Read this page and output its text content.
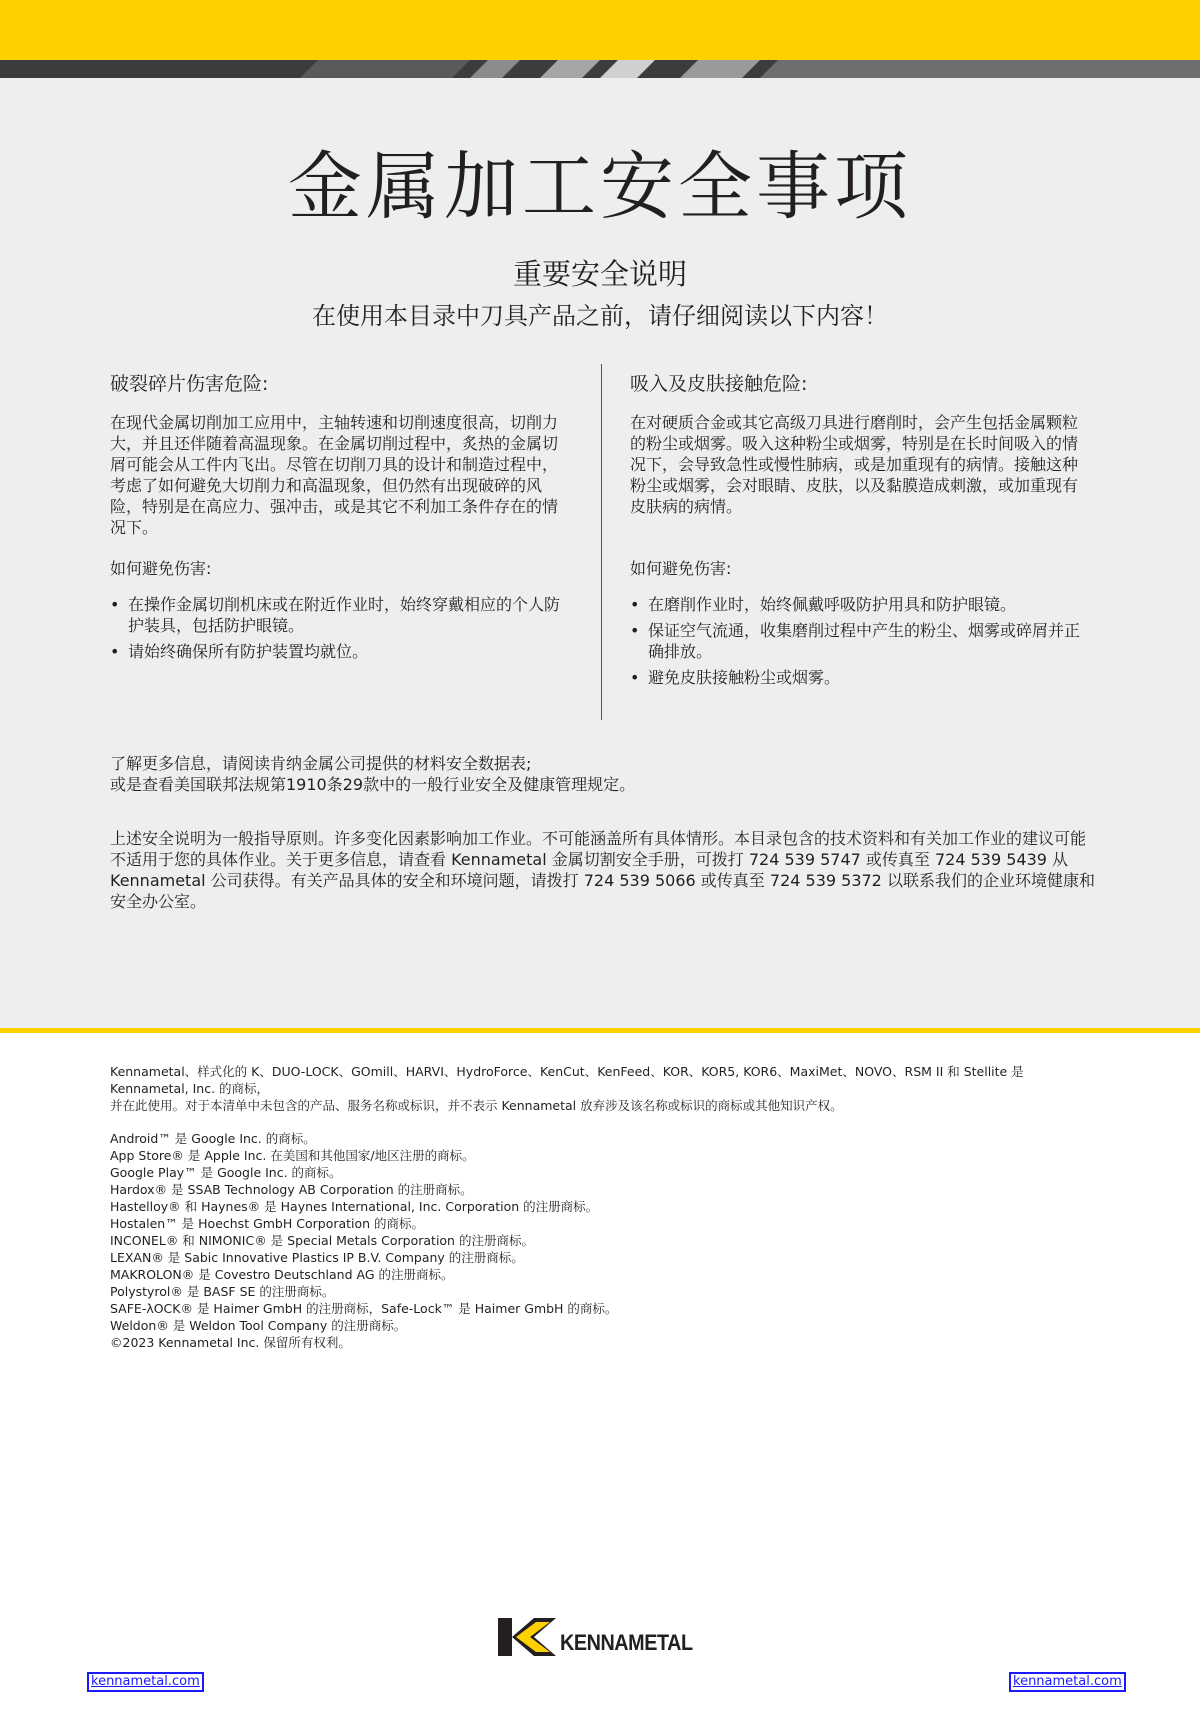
金属加工安全事项
重要安全说明

在使用本目录中刀具产品之前，请仔细阅读以下内容！

破裂碎片伤害危险:

在现代金属切削加工应用中，主轴转速和切削速度很高，切削力大，并且还伴随着高温现象。在金属切削过程中，炙热的金属切屑可能会从工件内飞出。尽管在切削刀具的设计和制造过程中，考虑了如何避免大切削力和高温现象，但仍然有出现破碎的风险，特别是在高应力、强冲击，或是其它不利加工条件存在的情况下。

如何避免伤害:
• 在操作金属切削机床或在附近作业时，始终穿戴相应的个人防护装具，包括防护眼镜。
• 请始终确保所有防护装置均就位。
吸入及皮肤接触危险:

在对硬质合金或其它高级刀具进行磨削时，会产生包括金属颗粒的粉尘或烟雾。吸入这种粉尘或烟雾，特别是在长时间吸入的情况下，会导致急性或慢性肺病，或是加重现有的病情。接触这种粉尘或烟雾，会对眼睛、皮肤，以及黏膜造成刺激，或加重现有皮肤病的病情。

如何避免伤害:
• 在磨削作业时，始终佩戴呼吸防护用具和防护眼镜。
• 保证空气流通，收集磨削过程中产生的粉尘、烟雾或碎屑并正确排放。
• 避免皮肤接触粉尘或烟雾。

了解更多信息，请阅读肯纳金属公司提供的材料安全数据表;

或是查看美国联邦法规第1910条29款中的一般行业安全及健康管理规定。

上述安全说明为一般指导原则。许多变化因素影响加工作业。不可能涵盖所有具体情形。本目录包含的技术资料和有关加工作业的建议可能不适用于您的具体作业。关于更多信息，请查看 Kennametal 金属切割安全手册，可拨打 724 539 5747 或传真至 724 539 5439 从 Kennametal 公司获得。有关产品具体的安全和环境问题，请拨打 724 539 5066 或传真至 724 539 5372 以联系我们的企业环境健康和安全办公室。

Kennametal、样式化的 K、DUO-LOCK、GOmill、HARVI、HydroForce、KenCut、KenFeed、KOR、KOR5, KOR6、MaxiMet、NOVO、RSM II 和 Stellite 是 Kennametal, Inc. 的商标，

并在此使用。对于本清单中未包含的产品、服务名称或标识，并不表示 Kennametal 放弃涉及该名称或标识的商标或其他知识产权。

Android™ 是 Google Inc. 的商标。

App Store® 是 Apple Inc. 在美国和其他国家/地区注册的商标。

Google Play™ 是 Google Inc. 的商标。

Hardox® 是 SSAB Technology AB Corporation 的注册商标。

Hastelloy® 和 Haynes® 是 Haynes International, Inc. Corporation 的注册商标。

Hostalen™ 是 Hoechst GmbH Corporation 的商标。

INCONEL® 和 NIMONIC® 是 Special Metals Corporation 的注册商标。

LEXAN® 是 Sabic Innovative Plastics IP B.V. Company 的注册商标。

MAKROLON® 是 Covestro Deutschland AG 的注册商标。

Polystyrol® 是 BASF SE 的注册商标。

SAFE-λOCK® 是 Haimer GmbH 的注册商标，Safe-Lock™ 是 Haimer GmbH 的商标。

Weldon® 是 Weldon Tool Company 的注册商标。

©2023 Kennametal Inc. 保留所有权利。

KENNAMETAL
kennametal.com	kennametal.com
